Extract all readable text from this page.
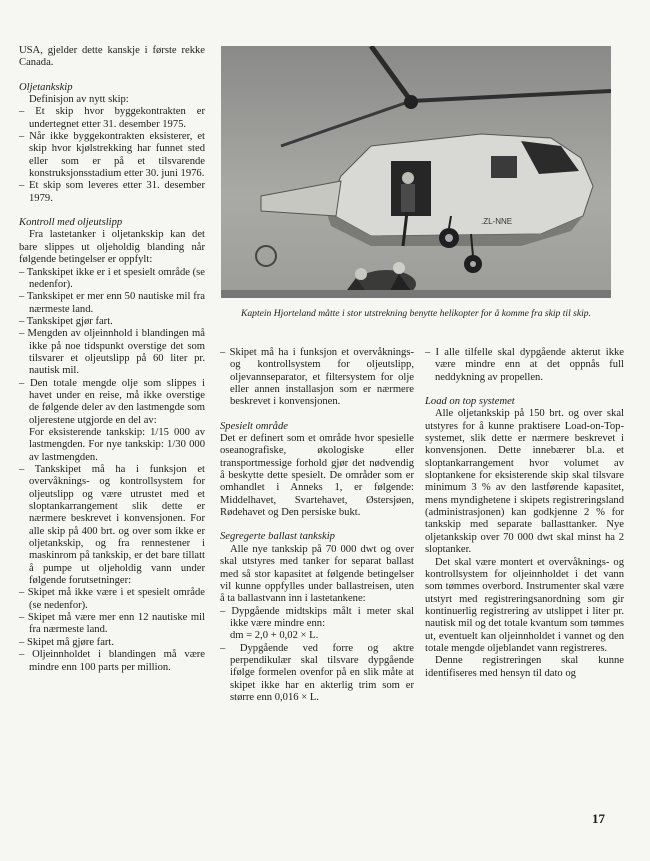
USA, gjelder dette kanskje i første rekke Canada.

Oljetankskip

Definisjon av nytt skip:

– Et skip hvor byggekontrakten er undertegnet etter 31. desember 1975.

– Når ikke byggekontrakten eksisterer, et skip hvor kjølstrekking har funnet sted eller som er på et tilsvarende konstruksjonsstadium etter 30. juni 1976.

– Et skip som leveres etter 31. desember 1979.

Kontroll med oljeutslipp

Fra lastetanker i oljetankskip kan det bare slippes ut oljeholdig blanding når følgende betingelser er oppfylt:

– Tankskipet ikke er i et spesielt område (se nedenfor).

– Tankskipet er mer enn 50 nautiske mil fra nærmeste land.

– Tankskipet gjør fart.

– Mengden av oljeinnhold i blandingen må ikke på noe tidspunkt overstige det som tilsvarer et oljeutslipp på 60 liter pr. nautisk mil.

– Den totale mengde olje som slippes i havet under en reise, må ikke overstige de følgende deler av den lastmengde som oljerestene utgjorde en del av:

For eksisterende tankskip: 1/15 000 av lastmengden. For nye tankskip: 1/30 000 av lastmengden.

– Tankskipet må ha i funksjon et overvåknings- og kontrollsystem for oljeutslipp og være utrustet med et sloptankarrangement slik dette er nærmere beskrevet i konvensjonen. For alle skip på 400 brt. og over som ikke er oljetankskip, og fra rennestener i maskinrom på tankskip, er det bare tillatt å pumpe ut oljeholdig vann under følgende forutsetninger:

– Skipet må ikke være i et spesielt område (se nedenfor).

– Skipet må være mer enn 12 nautiske mil fra nærmeste land.

– Skipet må gjøre fart.

– Oljeinnholdet i blandingen må være mindre enn 100 parts per million.

.ZL-NNE
Kaptein Hjorteland måtte i stor utstrekning benytte helikopter for å komme fra skip til skip.

– Skipet må ha i funksjon et overvåknings- og kontrollsystem for oljeutslipp, oljevannseparator, et filtersystem for olje eller annen installasjon som er nærmere beskrevet i konvensjonen.

Spesielt område

Det er definert som et område hvor spesielle oseanografiske, økologiske eller transportmessige forhold gjør det nødvendig å beskytte dette spesielt. De områder som er omhandlet i Anneks 1, er følgende: Middelhavet, Svartehavet, Østersjøen, Rødehavet og Den persiske bukt.

Segregerte ballast tankskip

Alle nye tankskip på 70 000 dwt og over skal utstyres med tanker for separat ballast med så stor kapasitet at følgende betingelser vil kunne oppfylles under ballastreisen, uten å ta ballastvann inn i lastetankene:

– Dypgående midtskips målt i meter skal ikke være mindre enn:

dm = 2,0 + 0,02 × L.

– Dypgående ved forre og aktre perpendikulær skal tilsvare dypgående ifølge formelen ovenfor på en slik måte at skipet ikke har en akterlig trim som er større enn 0,016 × L.

– I alle tilfelle skal dypgående akterut ikke være mindre enn at det oppnås full neddykning av propellen.

Load on top systemet

Alle oljetankskip på 150 brt. og over skal utstyres for å kunne praktisere Load-on-Top-systemet, slik dette er nærmere beskrevet i konvensjonen. Dette innebærer bl.a. et sloptankarrangement hvor volumet av sloptankene for eksisterende skip skal tilsvare minimum 3 % av den lastførende kapasitet, mens myndighetene i skipets registreringsland (administrasjonen) kan godkjenne 2 % for tankskip med separate ballasttanker. Nye oljetankskip over 70 000 dwt skal minst ha 2 sloptanker.

Det skal være montert et overvåknings- og kontrollsystem for oljeinnholdet i det vann som tømmes overbord. Instrumenter skal være utstyrt med registreringsanordning som gir kontinuerlig registrering av utslippet i liter pr. nautisk mil og det totale kvantum som tømmes ut, eventuelt kan oljeinnholdet i vannet og den totale mengde oljeblandet vann registreres.

Denne registreringen skal kunne identifiseres med hensyn til dato og

17
